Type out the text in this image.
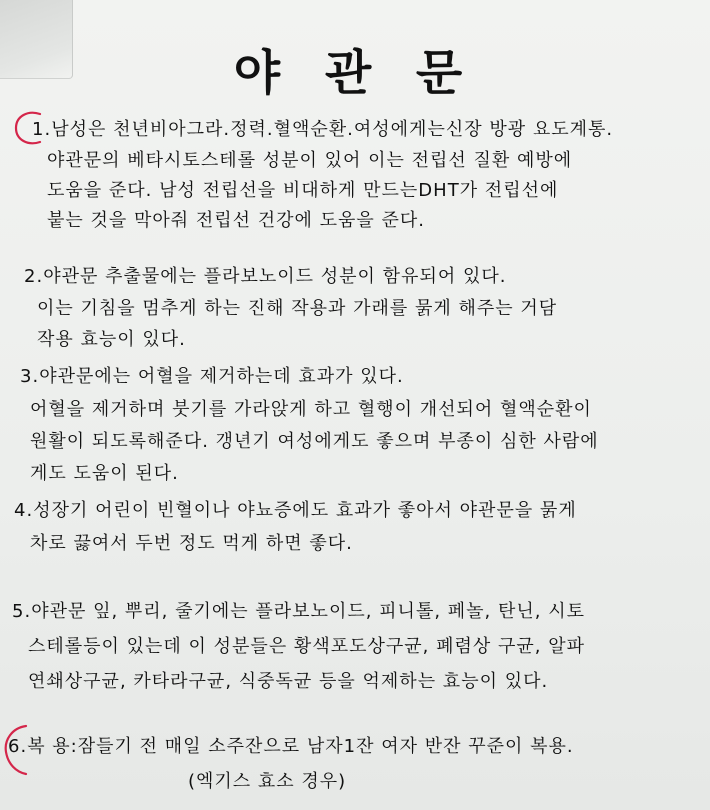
야 관 문
1.남성은 천년비아그라.정력.혈액순환.여성에게는신장 방광 요도계통.
야관문의 베타시토스테롤 성분이 있어 이는 전립선 질환 예방에
도움을 준다. 남성 전립선을 비대하게 만드는DHT가 전립선에
붙는 것을 막아줘 전립선 건강에 도움을 준다.
2.야관문 추출물에는 플라보노이드 성분이 함유되어 있다.
이는 기침을 멈추게 하는 진해 작용과 가래를 묽게 해주는 거담
작용 효능이 있다.
3.야관문에는 어혈을 제거하는데 효과가 있다.
어혈을 제거하며 붓기를 가라앉게 하고 혈행이 개선되어 혈액순환이
원활이 되도록해준다. 갱년기 여성에게도 좋으며 부종이 심한 사람에
게도 도움이 된다.
4.성장기 어린이 빈혈이나 야뇨증에도 효과가 좋아서 야관문을 묽게
차로 끓여서 두번 정도 먹게 하면 좋다.
5.야관문 잎, 뿌리, 줄기에는 플라보노이드, 피니톨, 페놀, 탄닌, 시토
스테롤등이 있는데 이 성분들은 황색포도상구균, 폐렴상 구균, 알파
연쇄상구균, 카타라구균, 식중독균 등을 억제하는 효능이 있다.
6.복 용:잠들기 전 매일 소주잔으로 남자1잔 여자 반잔 꾸준이 복용.
(엑기스 효소 경우)
